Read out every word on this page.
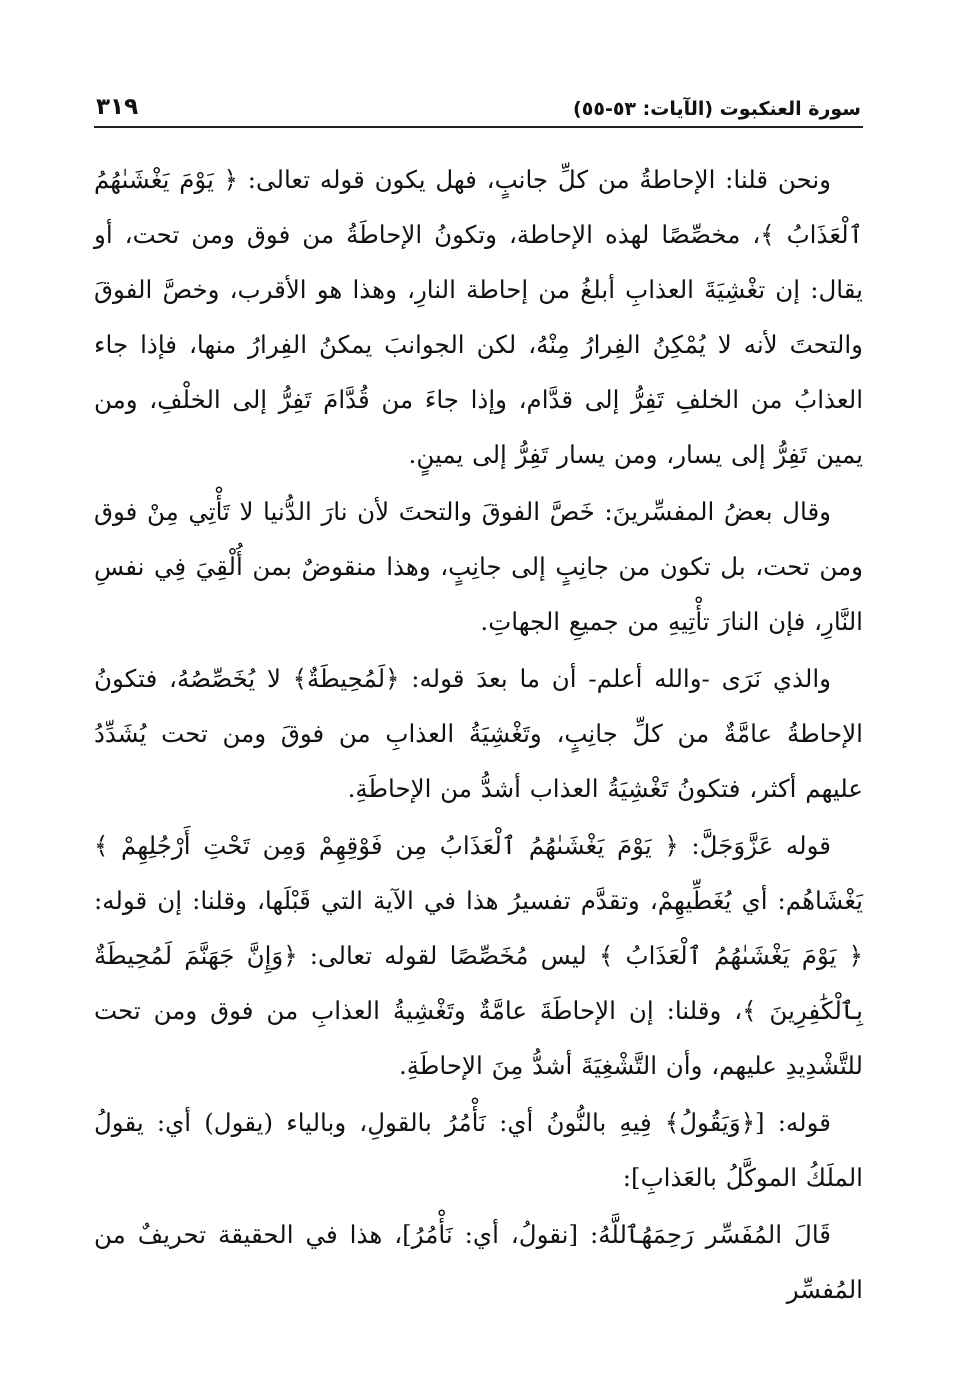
سورة العنكبوت (الآيات: ٥٣-٥٥)
٣١٩

ونحن قلنا: الإحاطةُ من كلِّ جانبٍ، فهل يكون قوله تعالى: ﴿ يَوْمَ يَغْشَىٰهُمُ ٱلْعَذَابُ ﴾، مخصِّصًا لهذه الإحاطة، وتكونُ الإحاطَةُ من فوق ومن تحت، أو يقال: إن تغْشِيَةَ العذابِ أبلغُ من إحاطة النارِ، وهذا هو الأقرب، وخصَّ الفوقَ والتحتَ لأنه لا يُمْكِنُ الفِرارُ مِنْهُ، لكن الجوانبَ يمكنُ الفِرارُ منها، فإذا جاء العذابُ من الخلفِ تَفِرُّ إلى قدَّام، وإذا جاءَ من قُدَّامَ تَفِرُّ إلى الخلْفِ، ومن يمين تَفِرُّ إلى يسار، ومن يسار تَفِرُّ إلى يمينٍ.

وقال بعضُ المفسِّرينَ: خَصَّ الفوقَ والتحتَ لأن نارَ الدُّنيا لا تَأْتِي مِنْ فوق ومن تحت، بل تكون من جانِبٍ إلى جانِبٍ، وهذا منقوضٌ بمن أُلْقِيَ فِي نفسِ النَّارِ، فإن النارَ تأْتِيهِ من جميعِ الجهاتِ.

والذي نَرَى -والله أعلم- أن ما بعدَ قوله: ﴿لَمُحِيطَةٌ﴾ لا يُخَصِّصُهُ، فتكونُ الإحاطةُ عامَّةٌ من كلِّ جانِبٍ، وتَغْشِيَةُ العذابِ من فوقَ ومن تحت يُشَدِّدُ عليهم أكثر، فتكونُ تَغْشِيَةُ العذاب أشدُّ من الإحاطَةِ.

قوله عَزَّوَجَلَّ: ﴿ يَوْمَ يَغْشَىٰهُمُ ٱلْعَذَابُ مِن فَوْقِهِمْ وَمِن تَحْتِ أَرْجُلِهِمْ ﴾ يَغْشَاهُم: أي يُغَطِّيهِمْ، وتقدَّم تفسيرُ هذا في الآية التي قَبْلَها، وقلنا: إن قوله: ﴿ يَوْمَ يَغْشَىٰهُمُ ٱلْعَذَابُ ﴾ ليس مُخَصِّصًا لقوله تعالى: ﴿وَإِنَّ جَهَنَّمَ لَمُحِيطَةٌ بِٱلْكَٰفِرِينَ ﴾، وقلنا: إن الإحاطَةَ عامَّةٌ وتَغْشِيةُ العذابِ من فوق ومن تحت للتَّشْدِيدِ عليهم، وأن التَّشْغِيَةَ أشدُّ مِنَ الإحاطَةِ.

قوله: [﴿وَيَقُولُ﴾ فِيهِ بالنُّونُ أي: نَأْمُرُ بالقولِ، وبالياء (يقول) أي: يقولُ الملَكُ الموكَّلُ بالعَذابِ]:

قَالَ المُفَسِّر رَحِمَهُٱللَّهُ: [نقولُ، أي: نَأْمُرُ]، هذا في الحقيقة تحريفٌ من المُفسِّر
